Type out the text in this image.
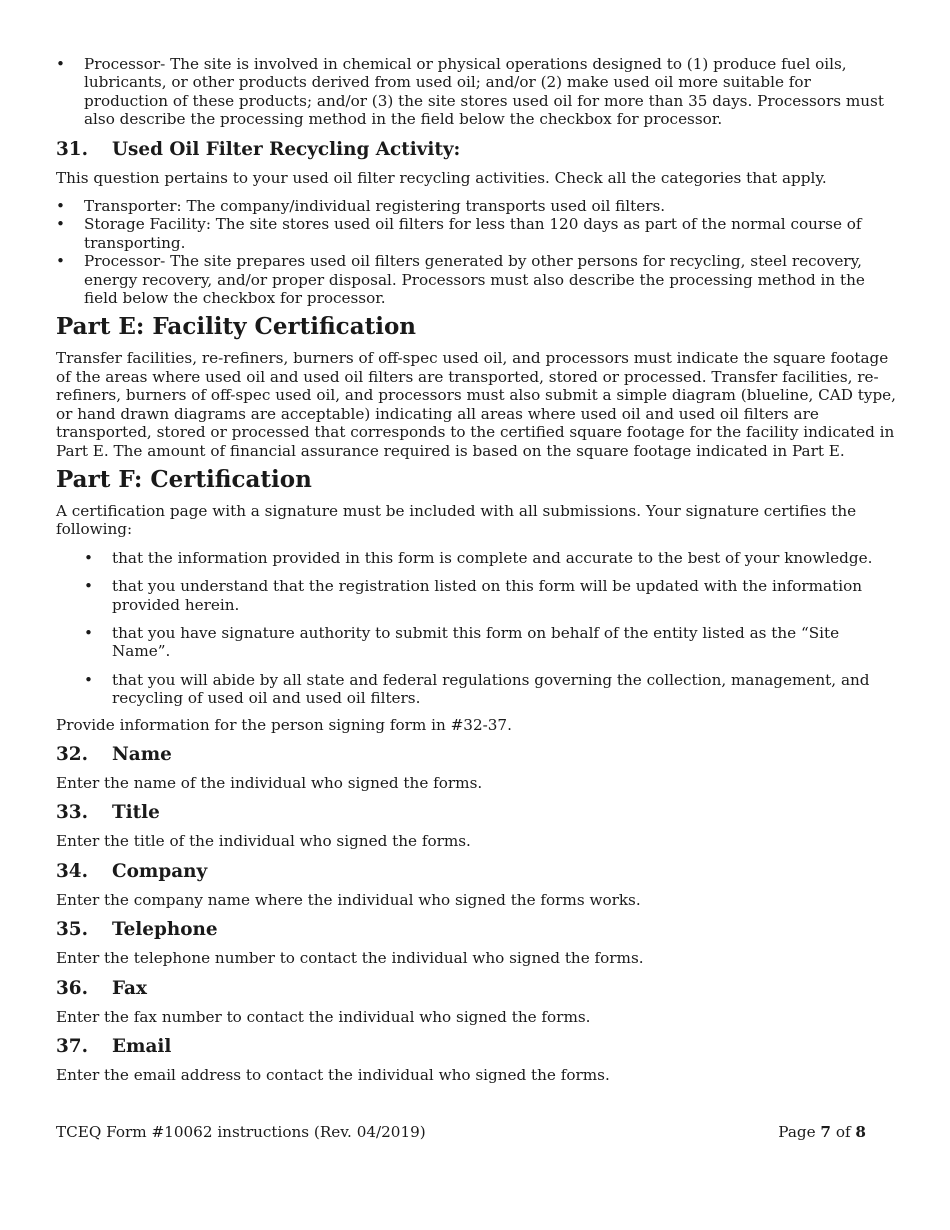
• Processor- The site is involved in chemical or physical operations designed to (1) produce fuel oils, lubricants, or other products derived from used oil; and/or (2) make used oil more suitable for production of these products; and/or (3) the site stores used oil for more than 35 days. Processors must also describe the processing method in the field below the checkbox for processor.
31.	Used Oil Filter Recycling Activity:

This question pertains to your used oil filter recycling activities. Check all the categories that apply.

• Transporter: The company/individual registering transports used oil filters.
• Storage Facility: The site stores used oil filters for less than 120 days as part of the normal course of transporting.
• Processor- The site prepares used oil filters generated by other persons for recycling, steel recovery, energy recovery, and/or proper disposal. Processors must also describe the processing method in the field below the checkbox for processor.
Part E: Facility Certification

Transfer facilities, re-refiners, burners of off-spec used oil, and processors must indicate the square footage of the areas where used oil and used oil filters are transported, stored or processed. Transfer facilities, re-refiners, burners of off-spec used oil, and processors must also submit a simple diagram (blueline, CAD type, or hand drawn diagrams are acceptable) indicating all areas where used oil and used oil filters are transported, stored or processed that corresponds to the certified square footage for the facility indicated in Part E. The amount of financial assurance required is based on the square footage indicated in Part E.

Part F: Certification

A certification page with a signature must be included with all submissions. Your signature certifies the following:

• that the information provided in this form is complete and accurate to the best of your knowledge.
• that you understand that the registration listed on this form will be updated with the information provided herein.
• that you have signature authority to submit this form on behalf of the entity listed as the “Site Name”.
• that you will abide by all state and federal regulations governing the collection, management, and recycling of used oil and used oil filters.

Provide information for the person signing form in #32-37.

32.	Name

Enter the name of the individual who signed the forms.

33.	Title

Enter the title of the individual who signed the forms.

34.	Company

Enter the company name where the individual who signed the forms works.

35.	Telephone

Enter the telephone number to contact the individual who signed the forms.

36.	Fax

Enter the fax number to contact the individual who signed the forms.

37.	Email

Enter the email address to contact the individual who signed the forms.

TCEQ Form #10062 instructions (Rev. 04/2019)	Page 7 of 8
